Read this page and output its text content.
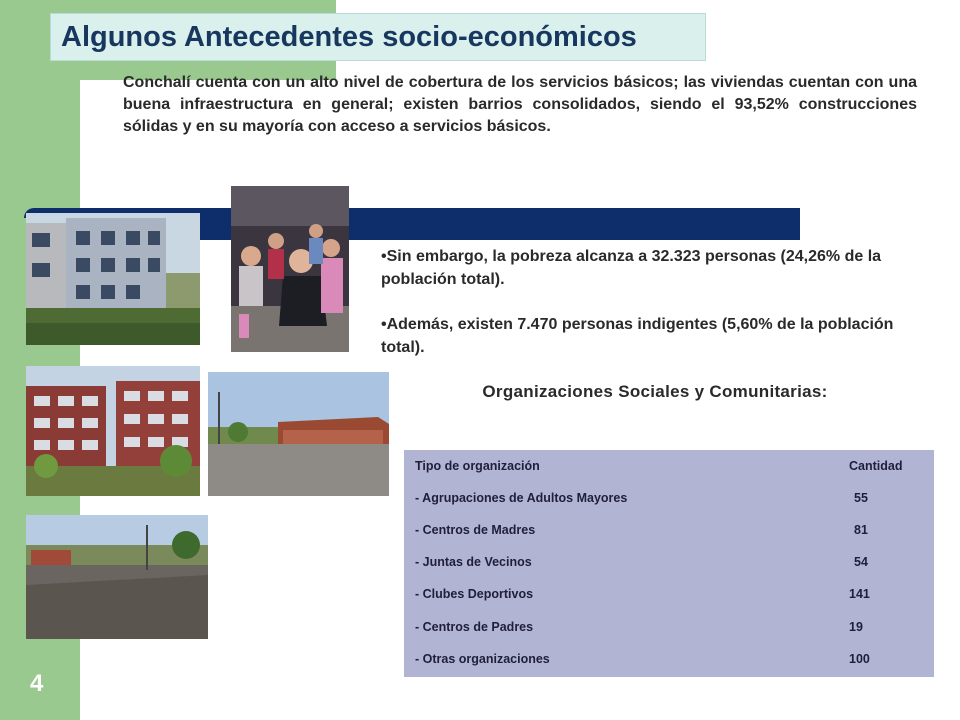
Algunos Antecedentes socio-económicos

Conchalí cuenta con un alto nivel de cobertura de los servicios básicos; las viviendas cuentan con una buena infraestructura en general; existen barrios consolidados, siendo el 93,52% construcciones sólidas y en su mayoría con acceso a servicios básicos.

•Sin embargo, la pobreza alcanza a 32.323 personas (24,26% de la población total).

•Además, existen 7.470 personas indigentes (5,60% de la población total).

Organizaciones Sociales y Comunitarias:
Tipo de organización	Cantidad
- Agrupaciones de Adultos Mayores	55
- Centros de Madres	81
- Juntas de Vecinos	54
- Clubes Deportivos	141
- Centros de Padres	19
- Otras organizaciones	100
4
